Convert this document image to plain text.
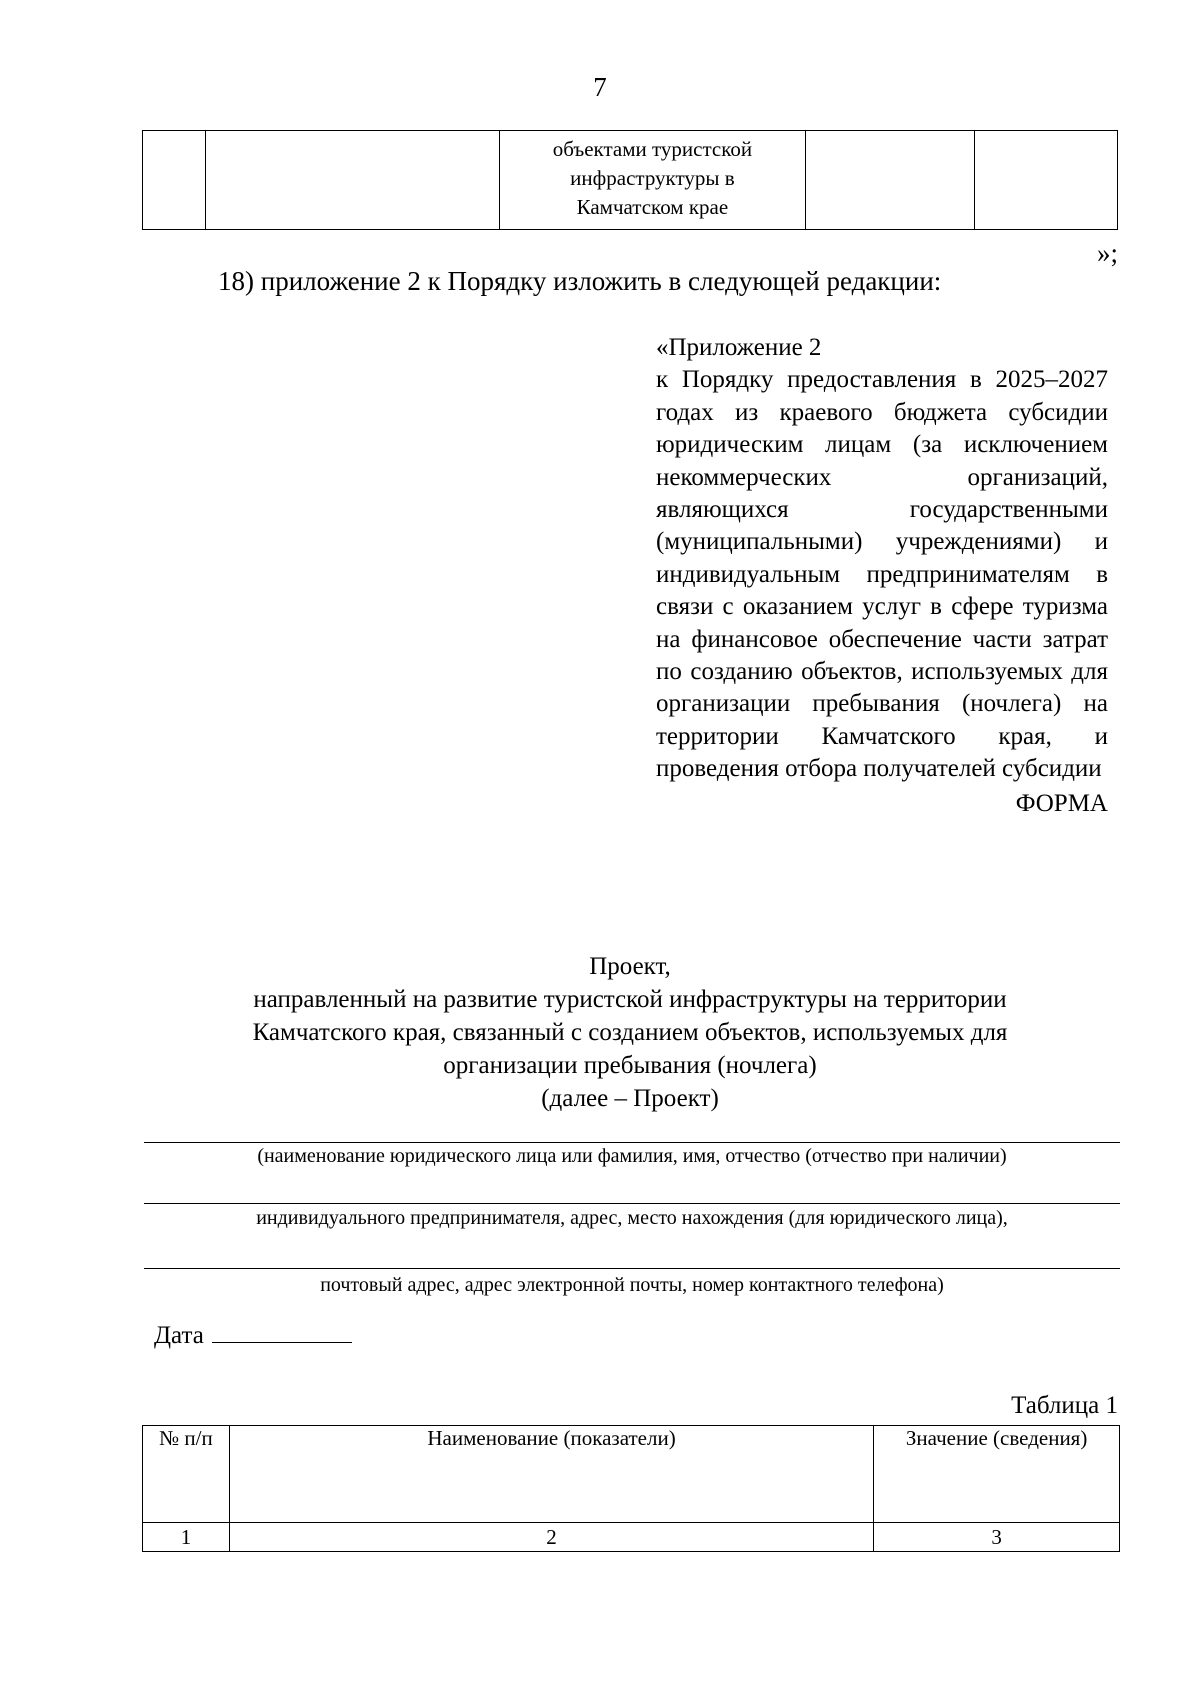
7

объектами туристской
инфраструктуры в
Камчатском крае

»;
18) приложение 2 к Порядку изложить в следующей редакции:
«Приложение 2
к Порядку предоставления в 2025–2027 годах из краевого бюджета субсидии юридическим лицам (за исключением некоммерческих организаций, являющихся государственными (муниципальными) учреждениями) и индивидуальным предпринимателям в связи с оказанием услуг в сфере туризма на финансовое обеспечение части затрат по созданию объектов, используемых для организации пребывания (ночлега) на территории Камчатского края, и проведения отбора получателей субсидии
ФОРМА
Проект,
направленный на развитие туристской инфраструктуры на территории
Камчатского края, связанный с созданием объектов, используемых для
организации пребывания (ночлега)
(далее – Проект)
(наименование юридического лица или фамилия, имя, отчество (отчество при наличии)
индивидуального предпринимателя, адрес, место нахождения (для юридического лица),
почтовый адрес, адрес электронной почты, номер контактного телефона)
Дата
Таблица 1
№ п/п	Наименование (показатели)	Значение (сведения)
1	2	3
